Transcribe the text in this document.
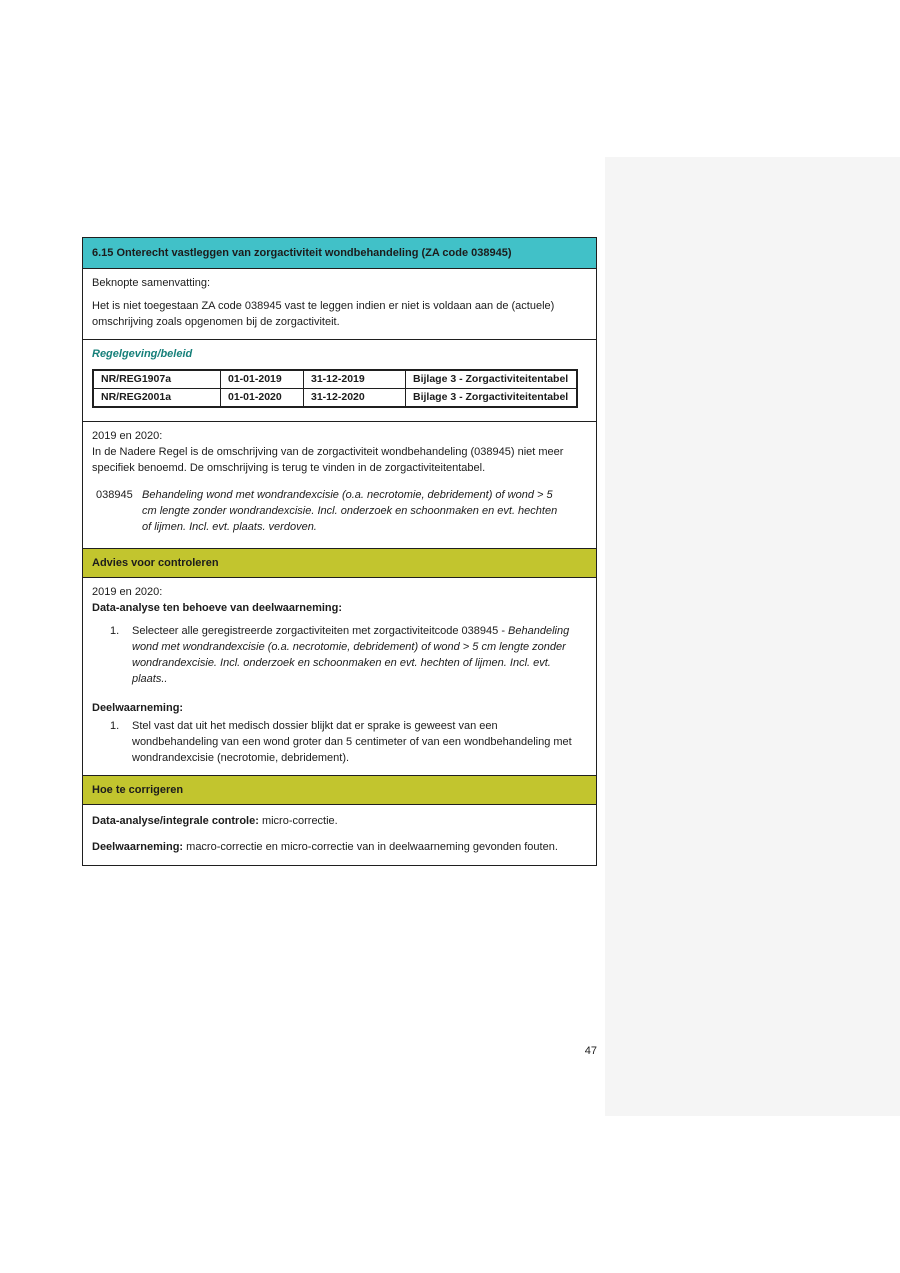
6.15 Onterecht vastleggen van zorgactiviteit wondbehandeling (ZA code 038945)

Beknopte samenvatting:

Het is niet toegestaan ZA code 038945 vast te leggen indien er niet is voldaan aan de (actuele) omschrijving zoals opgenomen bij de zorgactiviteit.

Regelgeving/beleid

NR/REG1907a	01-01-2019	31-12-2019	Bijlage 3 - Zorgactiviteitentabel
NR/REG2001a	01-01-2020	31-12-2020	Bijlage 3 - Zorgactiviteitentabel

2019 en 2020:

In de Nadere Regel is de omschrijving van de zorgactiviteit wondbehandeling (038945) niet meer specifiek benoemd. De omschrijving is terug te vinden in de zorgactiviteitentabel.

038945 Behandeling wond met wondrandexcisie (o.a. necrotomie, debridement) of wond > 5 cm lengte zonder wondrandexcisie. Incl. onderzoek en schoonmaken en evt. hechten of lijmen. Incl. evt. plaats. verdoven.
Advies voor controleren

2019 en 2020:

Data-analyse ten behoeve van deelwaarneming:

1.	Selecteer alle geregistreerde zorgactiviteiten met zorgactiviteitcode 038945 - Behandeling wond met wondrandexcisie (o.a. necrotomie, debridement) of wond > 5 cm lengte zonder wondrandexcisie. Incl. onderzoek en schoonmaken en evt. hechten of lijmen. Incl. evt. plaats..

Deelwaarneming:

1.	Stel vast dat uit het medisch dossier blijkt dat er sprake is geweest van een wondbehandeling van een wond groter dan 5 centimeter of van een wondbehandeling met wondrandexcisie (necrotomie, debridement).
Hoe te corrigeren

Data-analyse/integrale controle: micro-correctie.

Deelwaarneming: macro-correctie en micro-correctie van in deelwaarneming gevonden fouten.

47
